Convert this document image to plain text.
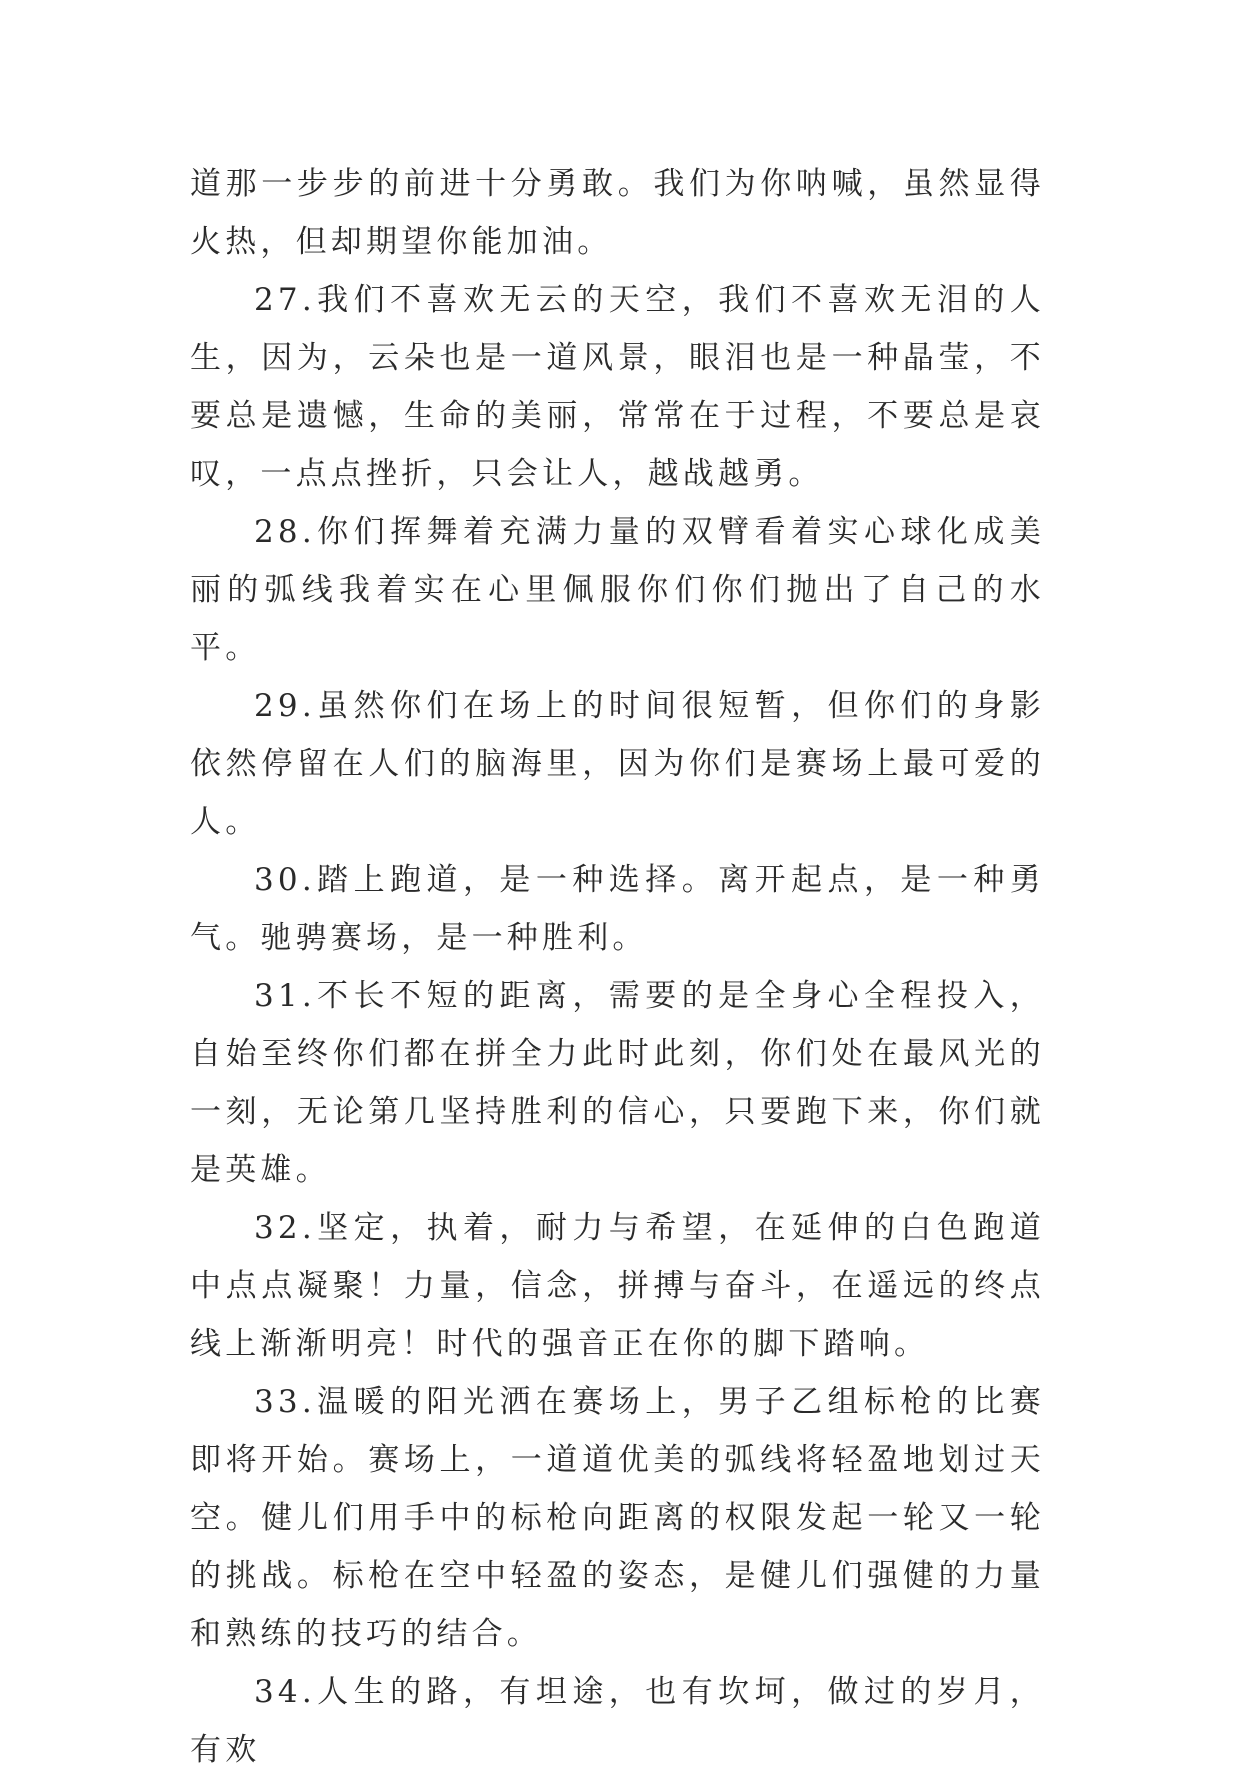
道那一步步的前进十分勇敢。我们为你呐喊，虽然显得火热，但却期望你能加油。

27.我们不喜欢无云的天空，我们不喜欢无泪的人生，因为，云朵也是一道风景，眼泪也是一种晶莹，不要总是遗憾，生命的美丽，常常在于过程，不要总是哀叹，一点点挫折，只会让人，越战越勇。

28.你们挥舞着充满力量的双臂看着实心球化成美丽的弧线我着实在心里佩服你们你们抛出了自己的水平。

29.虽然你们在场上的时间很短暂，但你们的身影依然停留在人们的脑海里，因为你们是赛场上最可爱的人。

30.踏上跑道，是一种选择。离开起点，是一种勇气。驰骋赛场，是一种胜利。

31.不长不短的距离，需要的是全身心全程投入，自始至终你们都在拼全力此时此刻，你们处在最风光的一刻，无论第几坚持胜利的信心，只要跑下来，你们就是英雄。

32.坚定，执着，耐力与希望，在延伸的白色跑道中点点凝聚！力量，信念，拼搏与奋斗，在遥远的终点线上渐渐明亮！时代的强音正在你的脚下踏响。

33.温暖的阳光洒在赛场上，男子乙组标枪的比赛即将开始。赛场上，一道道优美的弧线将轻盈地划过天空。健儿们用手中的标枪向距离的权限发起一轮又一轮的挑战。标枪在空中轻盈的姿态，是健儿们强健的力量和熟练的技巧的结合。

34.人生的路，有坦途，也有坎坷，做过的岁月，有欢
